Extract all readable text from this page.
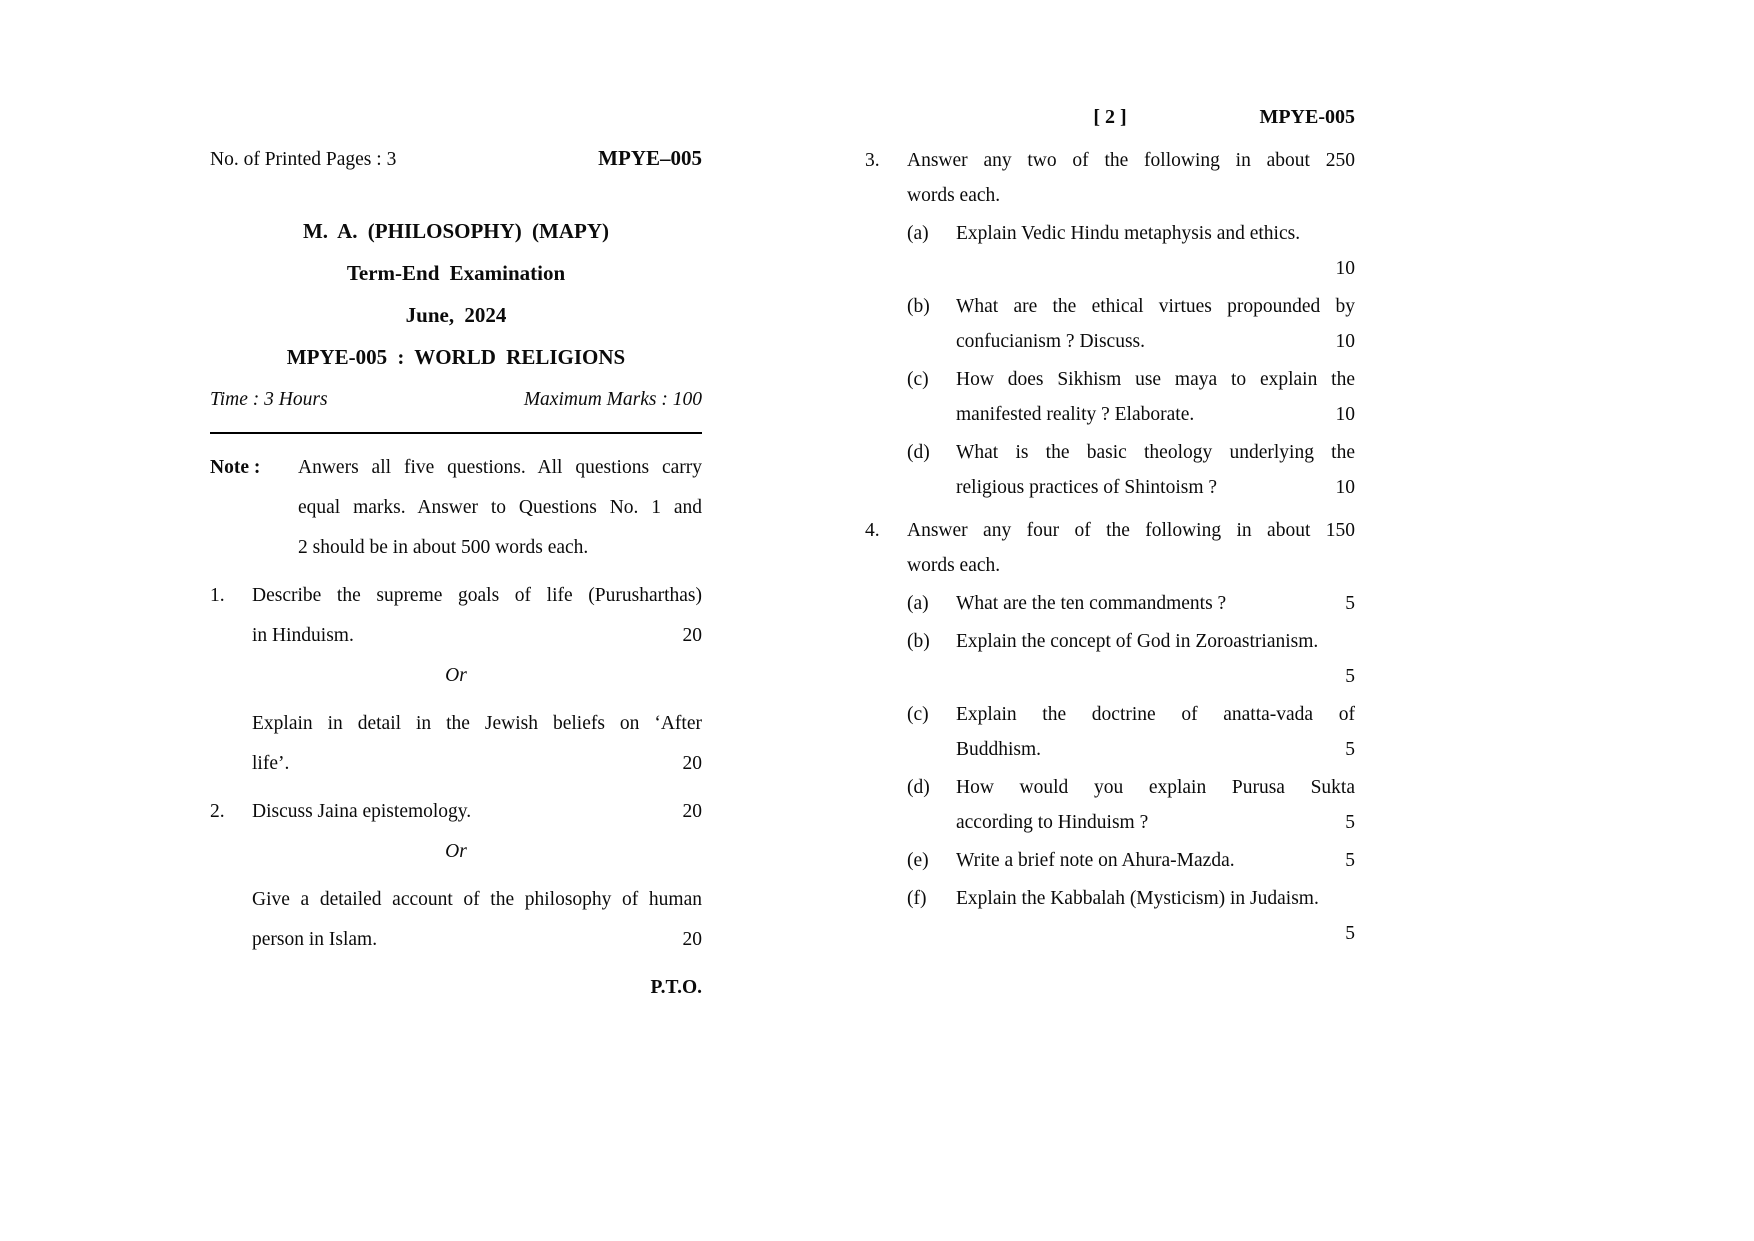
No. of Printed Pages : 3	MPYE–005
M. A. (PHILOSOPHY) (MAPY)
Term-End Examination
June, 2024
MPYE-005 : WORLD RELIGIONS
Time : 3 Hours	Maximum Marks : 100
Note :	Anwers all five questions. All questions carry
equal marks. Answer to Questions No. 1 and
2 should be in about 500 words each.
1.	Describe the supreme goals of life (Purusharthas)
in Hinduism.	20
Or
Explain in detail in the Jewish beliefs on ‘After
life’.	20
2.	Discuss Jaina epistemology.	20
Or
Give a detailed account of the philosophy of human
person in Islam.	20
P.T.O.
[ 2 ]	MPYE-005
3.	Answer any two of the following in about 250
words each.
(a)	Explain Vedic Hindu metaphysis and ethics.
10
(b)	What are the ethical virtues propounded by
confucianism ? Discuss.	10
(c)	How does Sikhism use maya to explain the
manifested reality ? Elaborate.	10
(d)	What is the basic theology underlying the
religious practices of Shintoism ?	10
4.	Answer any four of the following in about 150
words each.
(a)	What are the ten commandments ?	5
(b)	Explain the concept of God in Zoroastrianism.
5
(c)	Explain the doctrine of anatta-vada of
Buddhism.	5
(d)	How would you explain Purusa Sukta
according to Hinduism ?	5
(e)	Write a brief note on Ahura-Mazda.	5
(f)	Explain the Kabbalah (Mysticism) in Judaism.
5
